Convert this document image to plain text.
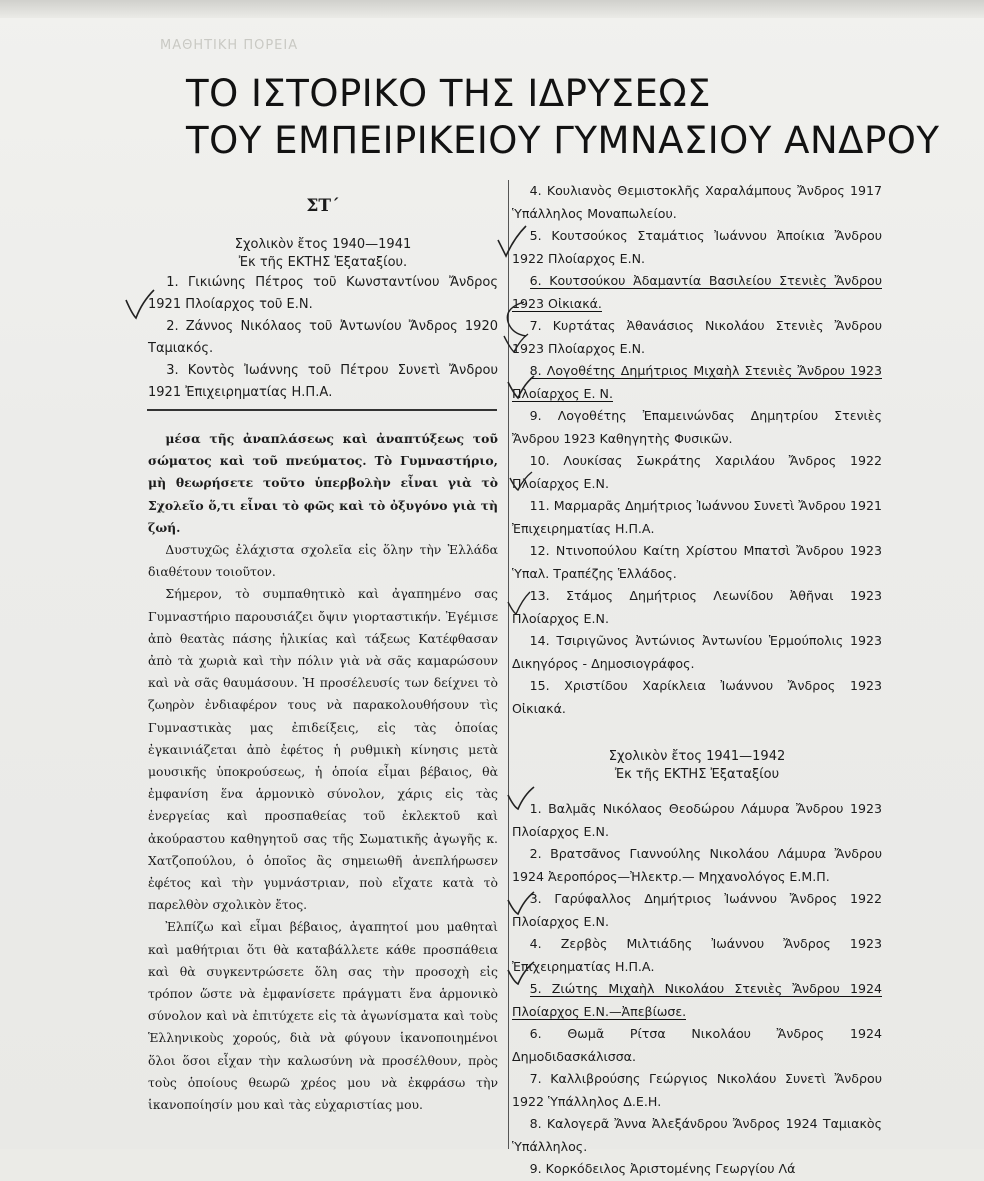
ΜΑΘΗΤΙΚΗ ΠΟΡΕΙΑ
ΤΟ ΙΣΤΟΡΙΚΟ ΤΗΣ ΙΔΡΥΣΕΩΣ
ΤΟΥ ΕΜΠΕΙΡΙΚΕΙΟΥ ΓΥΜΝΑΣΙΟΥ ΑΝΔΡΟΥ
ΣΤ΄
Σχολικὸν ἔτος 1940—1941
Ἐκ τῆς ΕΚΤΗΣ Ἐξαταξίου.

1. Γικιώνης Πέτρος τοῦ Κωνσταντίνου Ἄνδρος 1921 Πλοίαρχος τοῦ Ε.Ν.

2. Ζάννος Νικόλαος τοῦ Ἀντωνίου Ἄνδρος 1920 Ταμιακός.

3. Κοντὸς Ἰωάννης τοῦ Πέτρου Συνετὶ Ἄνδρου 1921 Ἐπιχειρηματίας Η.Π.Α.

μέσα τῆς ἀναπλάσεως καὶ ἀναπτύξεως τοῦ σώματος καὶ τοῦ πνεύματος. Τὸ Γυμναστήριο, μὴ θεωρήσετε τοῦτο ὑπερβολὴν εἶναι γιὰ τὸ Σχολεῖο ὅ,τι εἶναι τὸ φῶς καὶ τὸ ὀξυγόνο γιὰ τὴ ζωή.

Δυστυχῶς ἐλάχιστα σχολεῖα εἰς ὅλην τὴν Ἑλλάδα διαθέτουν τοιοῦτον.

Σήμερον, τὸ συμπαθητικὸ καὶ ἀγαπημένο σας Γυμναστήριο παρουσιάζει ὄψιν γιορταστικήν. Ἐγέμισε ἀπὸ θεατὰς πάσης ἡλικίας καὶ τάξεως Κατέφθασαν ἀπὸ τὰ χωριὰ καὶ τὴν πόλιν γιὰ νὰ σᾶς καμαρώσουν καὶ νὰ σᾶς θαυμάσουν. Ἡ προσέλευσίς των δείχνει τὸ ζωηρὸν ἐνδιαφέρον τους νὰ παρακολουθήσουν τὶς Γυμναστικὰς μας ἐπιδείξεις, εἰς τὰς ὁποίας ἐγκαινιάζεται ἀπὸ ἐφέτος ἡ ρυθμικὴ κίνησις μετὰ μουσικῆς ὑποκρούσεως, ἡ ὁποία εἶμαι βέβαιος, θὰ ἐμφανίση ἕνα ἁρμονικὸ σύνολον, χάρις εἰς τὰς ἐνεργείας καὶ προσπαθείας τοῦ ἐκλεκτοῦ καὶ ἀκούραστου καθηγητοῦ σας τῆς Σωματικῆς ἀγωγῆς κ. Χατζοπούλου, ὁ ὁποῖος ἂς σημειωθῆ ἀνεπλήρωσεν ἐφέτος καὶ τὴν γυμνάστριαν, ποὺ εἴχατε κατὰ τὸ παρελθὸν σχολικὸν ἔτος.

Ἐλπίζω καὶ εἶμαι βέβαιος, ἀγαπητοί μου μαθηταὶ καὶ μαθήτριαι ὅτι θὰ καταβάλλετε κάθε προσπάθεια καὶ θὰ συγκεντρώσετε ὅλη σας τὴν προσοχὴ εἰς τρόπον ὥστε νὰ ἐμφανίσετε πράγματι ἕνα ἁρμονικὸ σύνολον καὶ νὰ ἐπιτύχετε εἰς τὰ ἀγωνίσματα καὶ τοὺς Ἑλληνικοὺς χορούς, διὰ νὰ φύγουν ἱκανοποιημένοι ὅλοι ὅσοι εἶχαν τὴν καλωσύνη νὰ προσέλθουν, πρὸς τοὺς ὁποίους θεωρῶ χρέος μου νὰ ἐκφράσω τὴν ἱκανοποίησίν μου καὶ τὰς εὐχαριστίας μου.

4. Κουλιανὸς Θεμιστοκλῆς Χαραλάμπους Ἄνδρος 1917 Ὑπάλληλος Μοναπωλείου.

5. Κουτσούκος Σταμάτιος Ἰωάννου Ἀποίκια Ἄνδρου 1922 Πλοίαρχος Ε.Ν.

6. Κουτσούκου Ἀδαμαντία Βασιλείου Στενιὲς Ἄνδρου 1923 Οἰκιακά.

7. Κυρτάτας Ἀθανάσιος Νικολάου Στενιὲς Ἄνδρου 1923 Πλοίαρχος Ε.Ν.

8. Λογοθέτης Δημήτριος Μιχαὴλ Στενιὲς Ἄνδρου 1923 Πλοίαρχος Ε. Ν.

9. Λογοθέτης Ἐπαμεινώνδας Δημητρίου Στενιὲς Ἄνδρου 1923 Καθηγητὴς Φυσικῶν.

10. Λουκίσας Σωκράτης Χαριλάου Ἄνδρος 1922 Πλοίαρχος Ε.Ν.

11. Μαρμαρᾶς Δημήτριος Ἰωάννου Συνετὶ Ἄνδρου 1921 Ἐπιχειρηματίας Η.Π.Α.

12. Ντινοπούλου Καίτη Χρίστου Μπατσὶ Ἄνδρου 1923 Ὑπαλ. Τραπέζης Ἑλλάδος.

13. Στάμος Δημήτριος Λεωνίδου Ἀθῆναι 1923 Πλοίαρχος Ε.Ν.

14. Τσιριγῶνος Ἀντώνιος Ἀντωνίου Ἑρμούπολις 1923 Δικηγόρος - Δημοσιογράφος.

15. Χριστίδου Χαρίκλεια Ἰωάννου Ἄνδρος 1923 Οἰκιακά.

Σχολικὸν ἔτος 1941—1942
Ἐκ τῆς ΕΚΤΗΣ Ἐξαταξίου

1. Βαλμᾶς Νικόλαος Θεοδώρου Λάμυρα Ἄνδρου 1923 Πλοίαρχος Ε.Ν.

2. Βρατσᾶνος Γιαννούλης Νικολάου Λάμυρα Ἄνδρου 1924 Ἀεροπόρος—Ἠλεκτρ.— Μηχανολόγος Ε.Μ.Π.

3. Γαρύφαλλος Δημήτριος Ἰωάννου Ἄνδρος 1922 Πλοίαρχος Ε.Ν.

4. Ζερβὸς Μιλτιάδης Ἰωάννου Ἄνδρος 1923 Ἐπιχειρηματίας Η.Π.Α.

5. Ζιώτης Μιχαὴλ Νικολάου Στενιὲς Ἄνδρου 1924 Πλοίαρχος Ε.Ν.—Ἀπεβίωσε.

6. Θωμᾶ Ρίτσα Νικολάου Ἄνδρος 1924 Δημοδιδασκάλισσα.

7. Καλλιβρούσης Γεώργιος Νικολάου Συνετὶ Ἄνδρου 1922 Ὑπάλληλος Δ.Ε.Η.

8. Καλογερᾶ Ἄννα Ἀλεξάνδρου Ἄνδρος 1924 Ταμιακὸς Ὑπάλληλος.

9. Κορκόδειλος Ἀριστομένης Γεωργίου Λά
